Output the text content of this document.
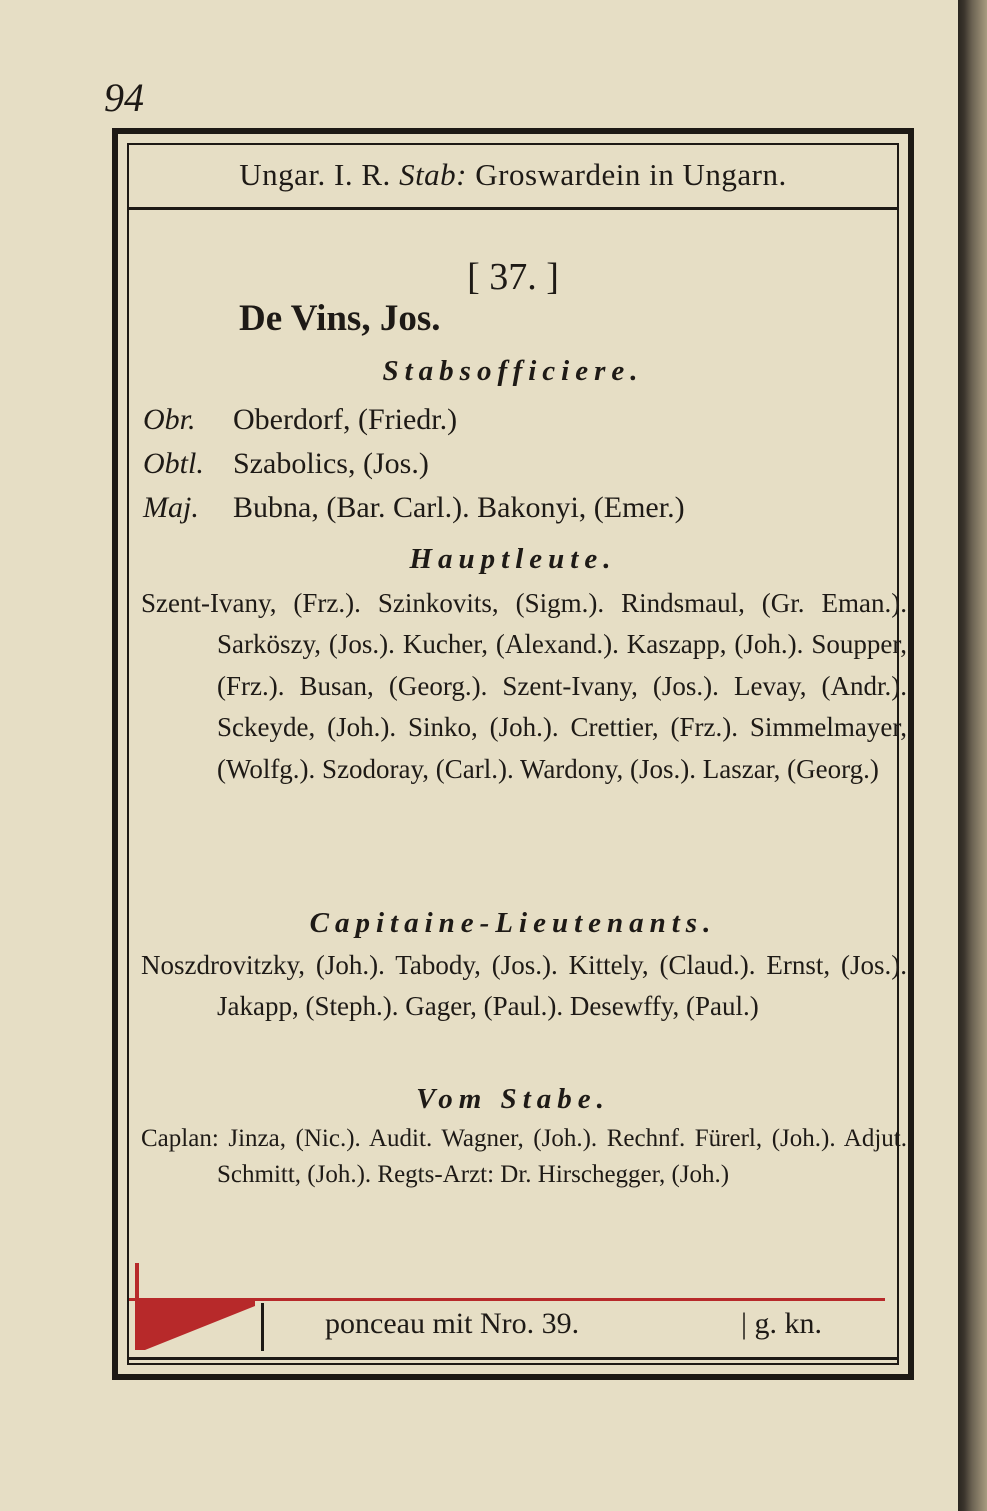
94
Ungar. I. R. Stab: Groswardein in Ungarn.
[ 37. ]
De Vins, Jos.
Stabsofficiere.
Obr. Oberdorf, (Friedr.)
Obtl. Szabolics, (Jos.)
Maj. Bubna, (Bar. Carl.). Bakonyi, (Emer.)
Hauptleute.
Szent-Ivany, (Frz.). Szinkovits, (Sigm.). Rindsmaul, (Gr. Eman.). Sarköszy, (Jos.). Kucher, (Alexand.). Kaszapp, (Joh.). Soupper, (Frz.). Busan, (Georg.). Szent-Ivany, (Jos.). Levay, (Andr.). Sckeyde, (Joh.). Sinko, (Joh.). Crettier, (Frz.). Simmelmayer, (Wolfg.). Szodoray, (Carl.). Wardony, (Jos.). Laszar, (Georg.)
Capitaine-Lieutenants.
Noszdrovitzky, (Joh.). Tabody, (Jos.). Kittely, (Claud.). Ernst, (Jos.). Jakapp, (Steph.). Gager, (Paul.). Desewffy, (Paul.)
Vom Stabe.
Caplan: Jinza, (Nic.). Audit. Wagner, (Joh.). Rechnf. Fürerl, (Joh.). Adjut. Schmitt, (Joh.). Regts-Arzt: Dr. Hirschegger, (Joh.)
ponceau mit Nro. 39.	| g. kn.
